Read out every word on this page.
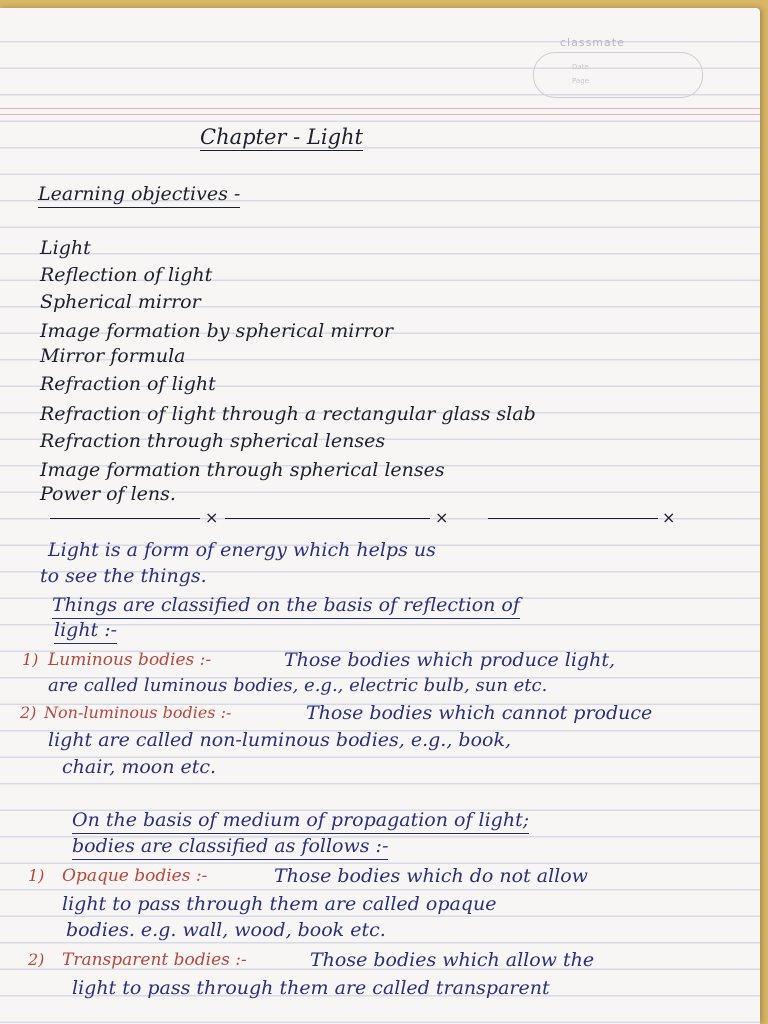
classmate
Date
Page
Chapter - Light
Learning objectives -
Light
Reflection of light
Spherical mirror
Image formation by spherical mirror
Mirror formula
Refraction of light
Refraction of light through a rectangular glass slab
Refraction through spherical lenses
Image formation through spherical lenses
Power of lens.
×	×	×
Light is a form of energy which helps us
to see the things.
Things are classified on the basis of reflection of
light :-
1) Luminous bodies :-	Those bodies which produce light,
are called luminous bodies, e.g., electric bulb, sun etc.
2) Non-luminous bodies :-	Those bodies which cannot produce
light are called non-luminous bodies, e.g., book,
chair, moon etc.
On the basis of medium of propagation of light;
bodies are classified as follows :-
1) Opaque bodies :-	Those bodies which do not allow
light to pass through them are called opaque
bodies. e.g. wall, wood, book etc.
2) Transparent bodies :-	Those bodies which allow the
light to pass through them are called transparent
